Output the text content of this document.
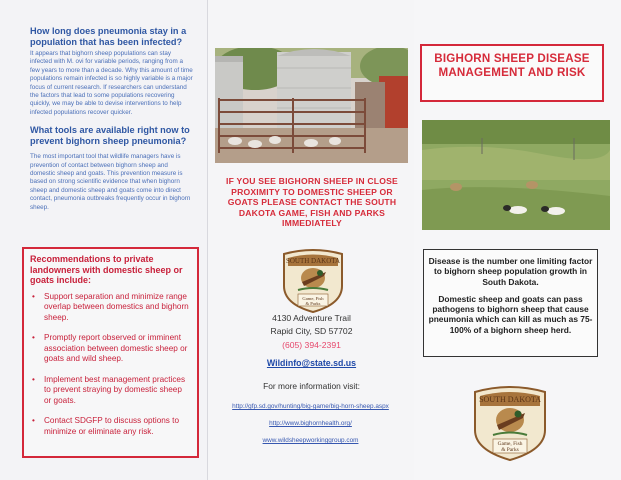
How long does pneumonia stay in a population that has been infected?

It appears that bighorn sheep populations can stay infected with M. ovi for variable periods, ranging from a few years to more than a decade. Why this amount of time populations remain infected is so highly variable is a major focus of current research. If researchers can understand the factors that lead to some populations recovering quickly, we may be able to devise interventions to help infected populations recover quicker.

What tools are available right now to prevent bighorn sheep pneumonia?

The most important tool that wildlife managers have is prevention of contact between bighorn sheep and domestic sheep and goats. This prevention measure is based on strong scientific evidence that when bighorn sheep and domestic sheep and goats come into direct contact, pneumonia outbreaks frequently occur in bighorn sheep.

Recommendations to private landowners with domestic sheep or goats include:

• Support separation and minimize range overlap between domestics and bighorn sheep.
• Promptly report observed or imminent association between domestic sheep or goats and wild sheep.
• Implement best management practices to prevent straying by domestic sheep or goats.
• Contact SDGFP to discuss options to minimize or eliminate any risk.
IF YOU SEE BIGHORN SHEEP IN CLOSE PROXIMITY TO DOMESTIC SHEEP OR GOATS PLEASE CONTACT THE SOUTH DAKOTA GAME, FISH AND PARKS IMMEDIATELY
SOUTH DAKOTA
Game, Fish
& Parks
4130 Adventure Trail
Rapid City, SD 57702
(605) 394-2391
Wildinfo@state.sd.us
For more information visit:
http://gfp.sd.gov/hunting/big-game/big-horn-sheep.aspx
http://www.bighornhealth.org/
www.wildsheepworkinggroup.com
BIGHORN SHEEP DISEASE MANAGEMENT AND RISK

Disease is the number one limiting factor to bighorn sheep population growth in South Dakota.

Domestic sheep and goats can pass pathogens to bighorn sheep that cause pneumonia which can kill as much as 75-100% of a bighorn sheep herd.

SOUTH DAKOTA
Game, Fish
& Parks
